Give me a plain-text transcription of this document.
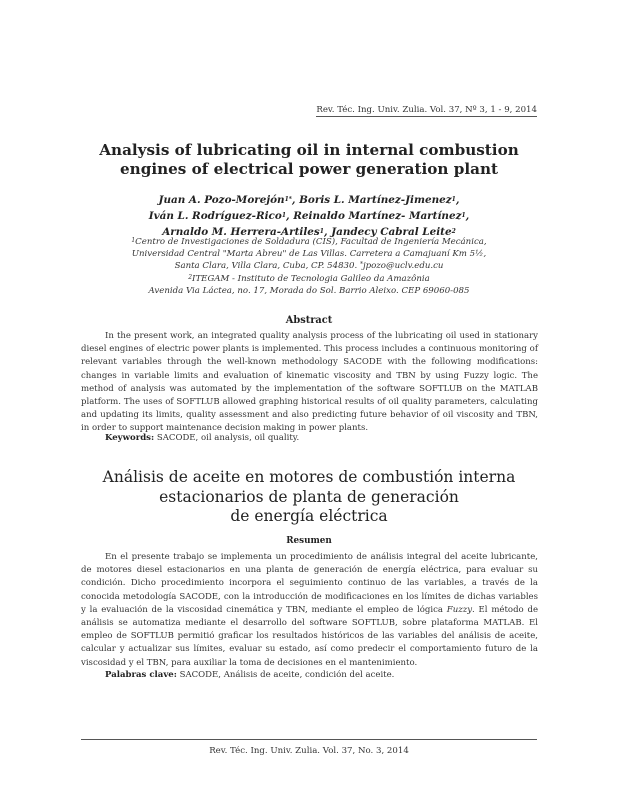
Rev. Téc. Ing. Univ. Zulia. Vol. 37, Nº 3, 1 - 9, 2014
Analysis of lubricating oil in internal combustion
engines of electrical power generation plant
Juan A. Pozo-Morejón$^{1*}$, Boris L. Martínez-Jimenez$^1$,
Iván L. Rodríguez-Rico$^1$, Reinaldo Martínez- Martínez$^1$,
Arnaldo M. Herrera-Artiles$^1$, Jandecy Cabral Leite$^2$
$^1$Centro de Investigaciones de Soldadura (CIS), Facultad de Ingeniería Mecánica,
Universidad Central "Marta Abreu" de Las Villas. Carretera a Camajuaní Km 5½,
Santa Clara, Villa Clara, Cuba, CP. 54830. *jpozo@uclv.edu.cu
$^2$ITEGAM - Instituto de Tecnologia Galileo da Amazônia
Avenida Via Láctea, no. 17, Morada do Sol. Barrio Aleixo. CEP 69060-085
Abstract
In the present work, an integrated quality analysis process of the lubricating oil used in stationary diesel engines of electric power plants is implemented. This process includes a continuous monitoring of relevant variables through the well-known methodology SACODE with the following modifications: changes in variable limits and evaluation of kinematic viscosity and TBN by using Fuzzy logic. The method of analysis was automated by the implementation of the software SOFTLUB on the MATLAB platform. The uses of SOFTLUB allowed graphing historical results of oil quality parameters, calculating and updating its limits, quality assessment and also predicting future behavior of oil viscosity and TBN, in order to support maintenance decision making in power plants.
Keywords: SACODE, oil analysis, oil quality.
Análisis de aceite en motores de combustión interna
estacionarios de planta de generación
de energía eléctrica
Resumen
En el presente trabajo se implementa un procedimiento de análisis integral del aceite lubricante, de motores diesel estacionarios en una planta de generación de energía eléctrica, para evaluar su condición. Dicho procedimiento incorpora el seguimiento continuo de las variables, a través de la conocida metodología SACODE, con la introducción de modificaciones en los límites de dichas variables y la evaluación de la viscosidad cinemática y TBN, mediante el empleo de lógica Fuzzy. El método de análisis se automatiza mediante el desarrollo del software SOFTLUB, sobre plataforma MATLAB. El empleo de SOFTLUB permitió graficar los resultados históricos de las variables del análisis de aceite, calcular y actualizar sus límites, evaluar su estado, así como predecir el comportamiento futuro de la viscosidad y el TBN, para auxiliar la toma de decisiones en el mantenimiento.
Palabras clave: SACODE, Análisis de aceite, condición del aceite.
Rev. Téc. Ing. Univ. Zulia. Vol. 37, No. 3, 2014
